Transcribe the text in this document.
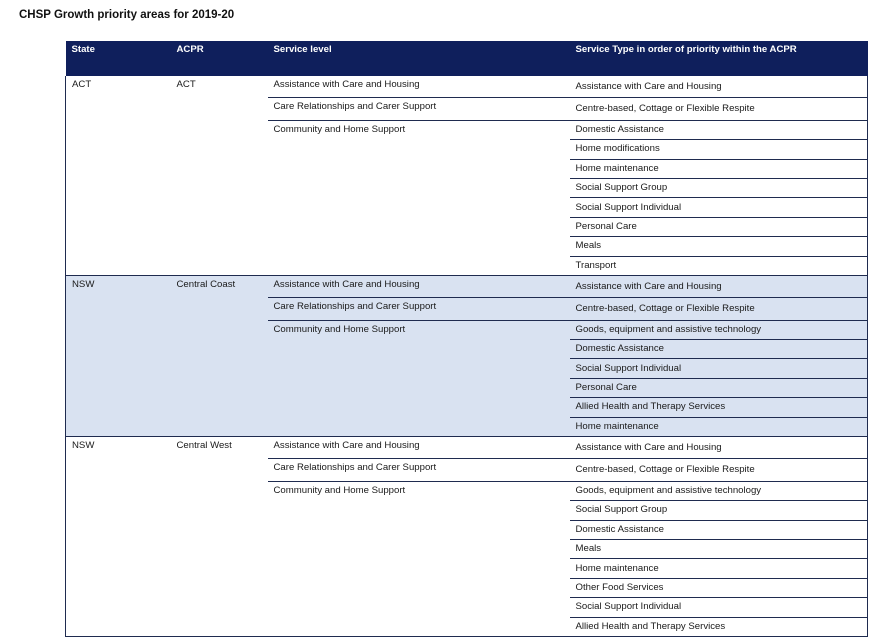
CHSP Growth priority areas for 2019-20
State	ACPR	Service level	Service Type in order of priority within the ACPR
ACT	ACT	Assistance with Care and Housing	Assistance with Care and Housing
		Care Relationships and Carer Support	Centre-based, Cottage or Flexible Respite
		Community and Home Support	Domestic Assistance
			Home modifications
			Home maintenance
			Social Support Group
			Social Support Individual
			Personal Care
			Meals
			Transport
NSW	Central Coast	Assistance with Care and Housing	Assistance with Care and Housing
		Care Relationships and Carer Support	Centre-based, Cottage or Flexible Respite
		Community and Home Support	Goods, equipment and assistive technology
			Domestic Assistance
			Social Support Individual
			Personal Care
			Allied Health and Therapy Services
			Home maintenance
NSW	Central West	Assistance with Care and Housing	Assistance with Care and Housing
		Care Relationships and Carer Support	Centre-based, Cottage or Flexible Respite
		Community and Home Support	Goods, equipment and assistive technology
			Social Support Group
			Domestic Assistance
			Meals
			Home maintenance
			Other Food Services
			Social Support Individual
			Allied Health and Therapy Services
